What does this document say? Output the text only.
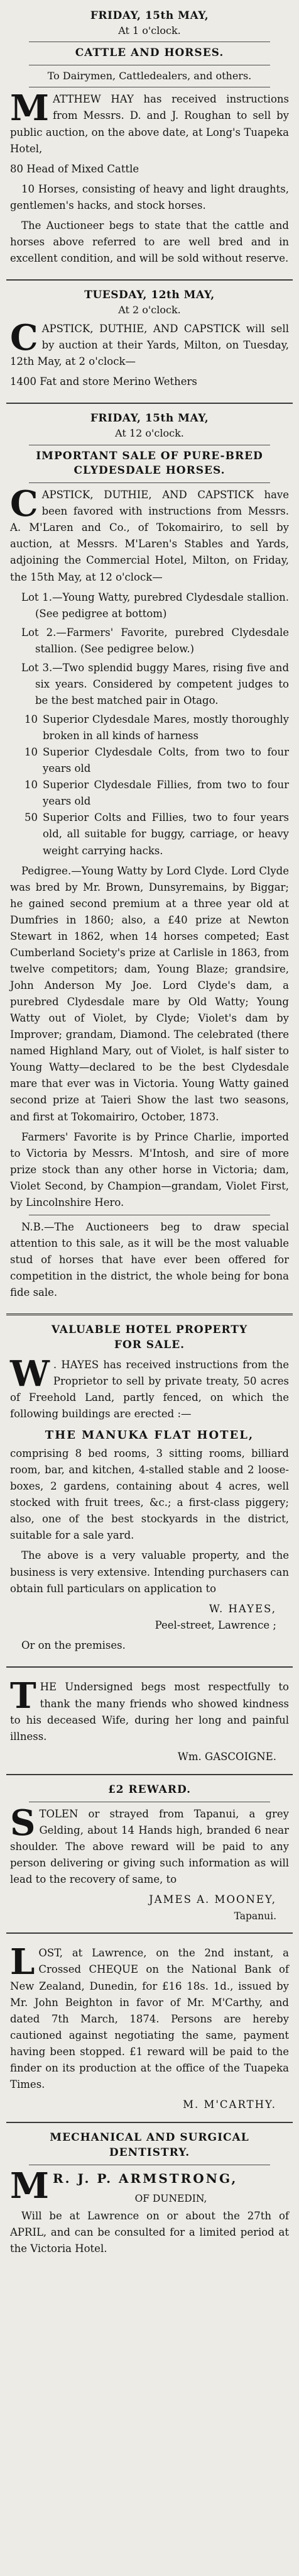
FRIDAY, 15th MAY,
At 1 o'clock.
CATTLE AND HORSES.
To Dairymen, Cattledealers, and others.
MATTHEW HAY has received instructions from Messrs. D. and J. Roughan to sell by public auction, on the above date, at Long's Tuapeka Hotel,
80 Head of Mixed Cattle
10 Horses, consisting of heavy and light draughts, gentlemen's hacks, and stock horses.
The Auctioneer begs to state that the cattle and horses above referred to are well bred and in excellent condition, and will be sold without reserve.
TUESDAY, 12th MAY,
At 2 o'clock.
CAPSTICK, DUTHIE, AND CAPSTICK will sell by auction at their Yards, Milton, on Tuesday, 12th May, at 2 o'clock—
1400 Fat and store Merino Wethers
FRIDAY, 15th MAY,
At 12 o'clock.
IMPORTANT SALE OF PURE-BRED
CLYDESDALE HORSES.
CAPSTICK, DUTHIE, AND CAPSTICK have been favored with instructions from Messrs. A. M'Laren and Co., of Tokomairiro, to sell by auction, at Messrs. M'Laren's Stables and Yards, adjoining the Commercial Hotel, Milton, on Friday, the 15th May, at 12 o'clock—
Lot 1.—Young Watty, purebred Clydesdale stallion. (See pedigree at bottom)
Lot 2.—Farmers' Favorite, purebred Clydesdale stallion. (See pedigree below.)
Lot 3.—Two splendid buggy Mares, rising five and six years. Considered by competent judges to be the best matched pair in Otago.
10 Superior Clydesdale Mares, mostly thoroughly broken in all kinds of harness
10 Superior Clydesdale Colts, from two to four years old
10 Superior Clydesdale Fillies, from two to four years old
50 Superior Colts and Fillies, two to four years old, all suitable for buggy, carriage, or heavy weight carrying hacks.
Pedigree.—Young Watty by Lord Clyde. Lord Clyde was bred by Mr. Brown, Dunsyremains, by Biggar; he gained second premium at a three year old at Dumfries in 1860; also, a £40 prize at Newton Stewart in 1862, when 14 horses competed; East Cumberland Society's prize at Carlisle in 1863, from twelve competitors; dam, Young Blaze; grandsire, John Anderson My Joe. Lord Clyde's dam, a purebred Clydesdale mare by Old Watty; Young Watty out of Violet, by Clyde; Violet's dam by Improver; grandam, Diamond. The celebrated (there named Highland Mary, out of Violet, is half sister to Young Watty—declared to be the best Clydesdale mare that ever was in Victoria. Young Watty gained second prize at Taieri Show the last two seasons, and first at Tokomairiro, October, 1873.
Farmers' Favorite is by Prince Charlie, imported to Victoria by Messrs. M'Intosh, and sire of more prize stock than any other horse in Victoria; dam, Violet Second, by Champion—grandam, Violet First, by Lincolnshire Hero.
N.B.—The Auctioneers beg to draw special attention to this sale, as it will be the most valuable stud of horses that have ever been offered for competition in the district, the whole being for bona fide sale.
VALUABLE HOTEL PROPERTY
FOR SALE.
W . HAYES has received instructions from the Proprietor to sell by private treaty, 50 acres of Freehold Land, partly fenced, on which the following buildings are erected :—
THE MANUKA FLAT HOTEL,
comprising 8 bed rooms, 3 sitting rooms, billiard room, bar, and kitchen, 4-stalled stable and 2 loose-boxes, 2 gardens, containing about 4 acres, well stocked with fruit trees, &c.; a first-class piggery; also, one of the best stockyards in the district, suitable for a sale yard.
The above is a very valuable property, and the business is very extensive. Intending purchasers can obtain full particulars on application to
W. HAYES,
Peel-street, Lawrence ;
Or on the premises.
THE Undersigned begs most respectfully to thank the many friends who showed kindness to his deceased Wife, during her long and painful illness.
Wm. GASCOIGNE.
£2 REWARD.
STOLEN or strayed from Tapanui, a grey Gelding, about 14 Hands high, branded 6 near shoulder. The above reward will be paid to any person delivering or giving such information as will lead to the recovery of same, to
JAMES A. MOONEY,
Tapanui.
LOST, at Lawrence, on the 2nd instant, a Crossed CHEQUE on the National Bank of New Zealand, Dunedin, for £16 18s. 1d., issued by Mr. John Beighton in favor of Mr. M'Carthy, and dated 7th March, 1874. Persons are hereby cautioned against negotiating the same, payment having been stopped. £1 reward will be paid to the finder on its production at the office of the Tuapeka Times.
M. M'CARTHY.
MECHANICAL AND SURGICAL
DENTISTRY.
M R. J. P. ARMSTRONG,
OF DUNEDIN,
Will be at Lawrence on or about the 27th of APRIL, and can be consulted for a limited period at the Victoria Hotel.
